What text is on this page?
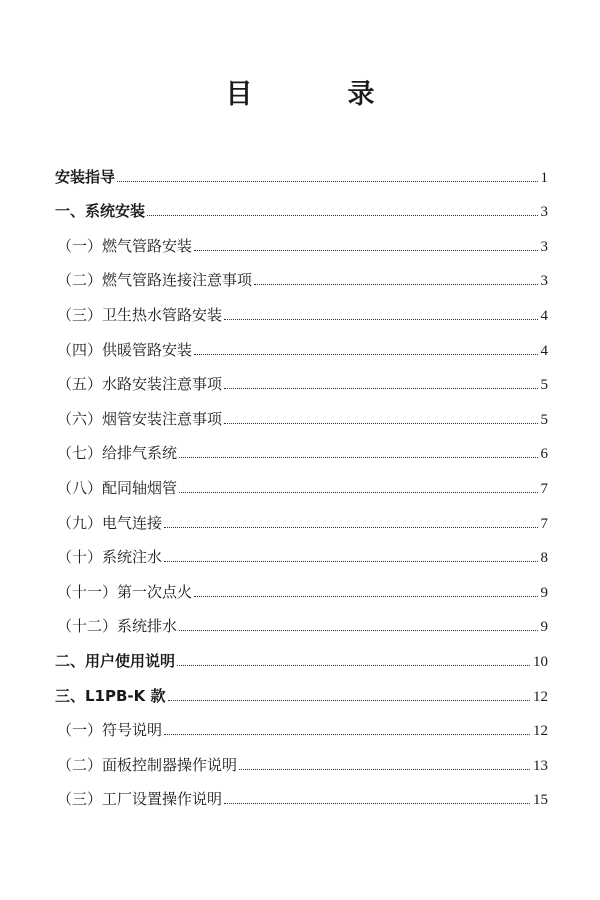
目　录
安装指导	1
一、系统安装	3
（一）燃气管路安装	3
（二）燃气管路连接注意事项	3
（三）卫生热水管路安装	4
（四）供暖管路安装	4
（五）水路安装注意事项	5
（六）烟管安装注意事项	5
（七）给排气系统	6
（八）配同轴烟管	7
（九）电气连接	7
（十）系统注水	8
（十一）第一次点火	9
（十二）系统排水	9
二、用户使用说明	10
三、L1PB-K 款	12
（一）符号说明	12
（二）面板控制器操作说明	13
（三）工厂设置操作说明	15
